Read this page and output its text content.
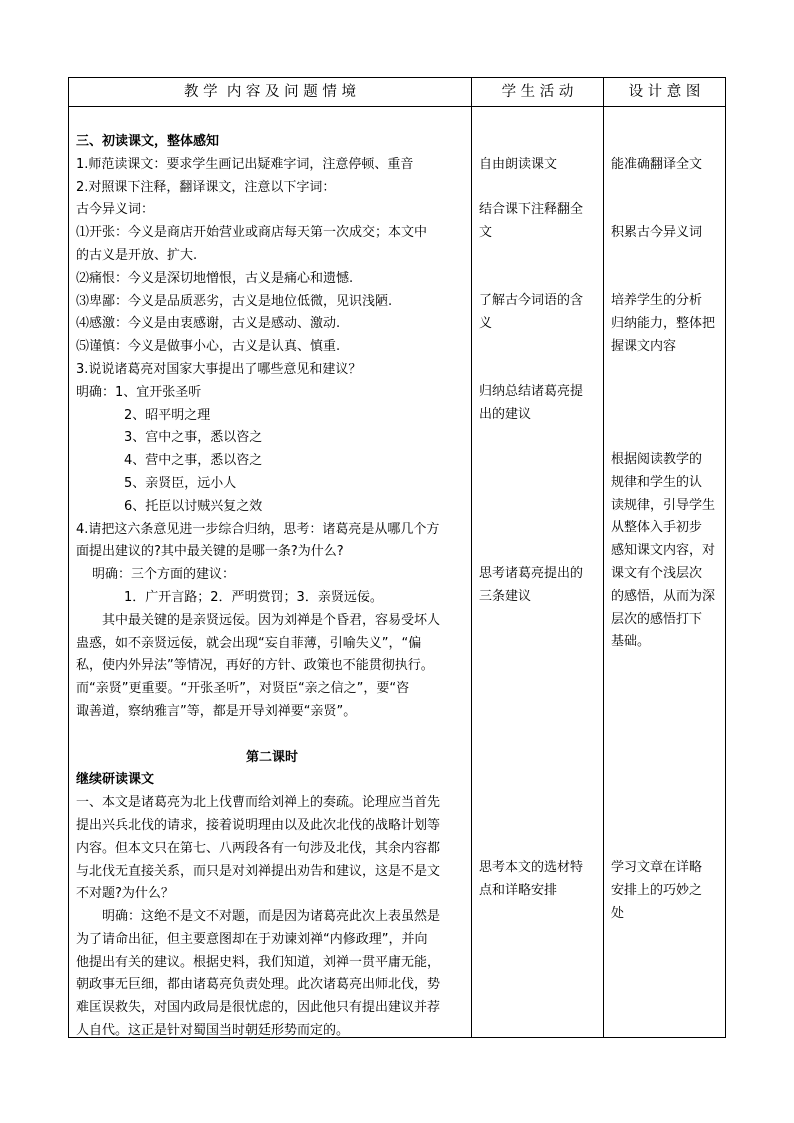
教 学  内 容 及 问 题 情 境	学 生 活 动	设 计 意 图
三、初读课文，整体感知
1.师范读课文：要求学生画记出疑难字词，注意停顿、重音
2.对照课下注释，翻译课文，注意以下字词：
古今异义词：
⑴开张：今义是商店开始营业或商店每天第一次成交；本文中
的古义是开放、扩大.
⑵痛恨：今义是深切地憎恨，古义是痛心和遗憾.
⑶卑鄙：今义是品质恶劣，古义是地位低微，见识浅陋.
⑷感激：今义是由衷感谢，古义是感动、激动.
⑸谨慎：今义是做事小心，古义是认真、慎重.
3.说说诸葛亮对国家大事提出了哪些意见和建议？
明确：1、宜开张圣听
2、昭平明之理
3、宫中之事，悉以咨之
4、营中之事，悉以咨之
5、亲贤臣，远小人
6、托臣以讨贼兴复之效
4.请把这六条意见进一步综合归纳，思考：诸葛亮是从哪几个方
面提出建议的?其中最关键的是哪一条?为什么?
明确：三个方面的建议：
1．广开言路；2．严明赏罚；3．亲贤远佞。
其中最关键的是亲贤远佞。因为刘禅是个昏君，容易受坏人
蛊惑，如不亲贤远佞，就会出现“妄自菲薄，引喻失义”，“偏
私，使内外异法”等情况，再好的方针、政策也不能贯彻执行。
而“亲贤”更重要。“开张圣听”，对贤臣“亲之信之”，要“咨
诹善道，察纳雅言”等，都是开导刘禅要“亲贤”。
第二课时
继续研读课文
一、本文是诸葛亮为北上伐曹而给刘禅上的奏疏。论理应当首先
提出兴兵北伐的请求，接着说明理由以及此次北伐的战略计划等
内容。但本文只在第七、八两段各有一句涉及北伐，其余内容都
与北伐无直接关系，而只是对刘禅提出劝告和建议，这是不是文
不对题?为什么？
明确：这绝不是文不对题，而是因为诸葛亮此次上表虽然是
为了请命出征，但主要意图却在于劝谏刘禅“内修政理”，并向
他提出有关的建议。根据史料，我们知道，刘禅一贯平庸无能，
朝政事无巨细，都由诸葛亮负责处理。此次诸葛亮出师北伐，势
难匡误救失，对国内政局是很忧虑的，因此他只有提出建议并荐
人自代。这正是针对蜀国当时朝廷形势而定的。
自由朗读课文
结合课下注释翻全
文
了解古今词语的含
义
归纳总结诸葛亮提
出的建议
思考诸葛亮提出的
三条建议
思考本文的选材特
点和详略安排
能准确翻译全文
积累古今异义词
培养学生的分析
归纳能力，整体把
握课文内容
根据阅读教学的
规律和学生的认
读规律，引导学生
从整体入手初步
感知课文内容，对
课文有个浅层次
的感悟，从而为深
层次的感悟打下
基础。
学习文章在详略
安排上的巧妙之
处
